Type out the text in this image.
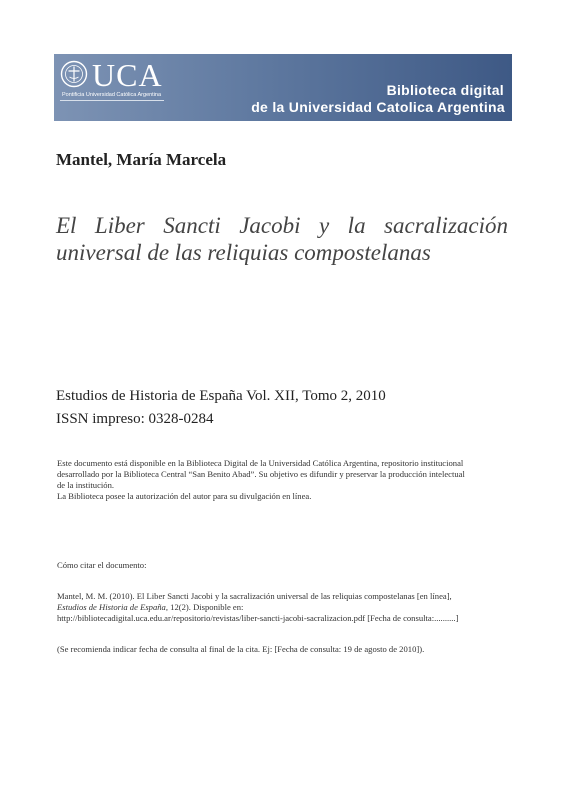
UCA
Pontificia Universidad Católica Argentina	Biblioteca digital
de la Universidad Catolica Argentina
Mantel, María Marcela
El Liber Sancti Jacobi y la sacralización
universal de las reliquias compostelanas
Estudios de Historia de España Vol. XII, Tomo 2, 2010
ISSN impreso: 0328-0284

Este documento está disponible en la Biblioteca Digital de la Universidad Católica Argentina, repositorio institucional

desarrollado por la Biblioteca Central “San Benito Abad”. Su objetivo es difundir y preservar la producción intelectual

de la institución.

La Biblioteca posee la autorización del autor para su divulgación en línea.

Cómo citar el documento:

Mantel, M. M. (2010). El Liber Sancti Jacobi y la sacralización universal de las reliquias compostelanas [en línea],

Estudios de Historia de España, 12(2). Disponible en:

http://bibliotecadigital.uca.edu.ar/repositorio/revistas/liber-sancti-jacobi-sacralizacion.pdf [Fecha de consulta:..........]

(Se recomienda indicar fecha de consulta al final de la cita. Ej: [Fecha de consulta: 19 de agosto de 2010]).
